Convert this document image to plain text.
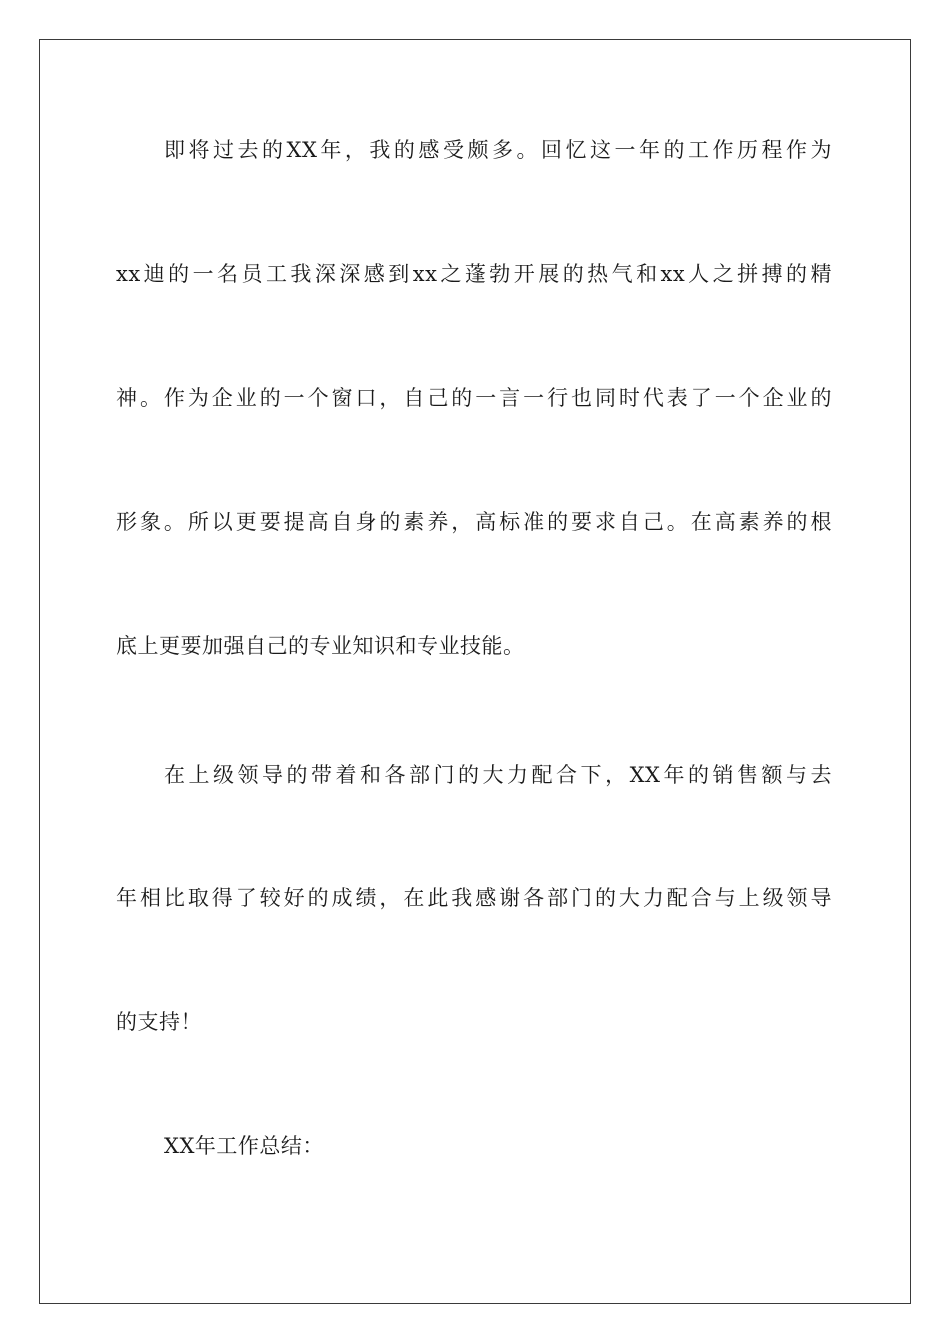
即将过去的XX年，我的感受颇多。回忆这一年的工作历程作为
xx迪的一名员工我深深感到xx之蓬勃开展的热气和xx人之拼搏的精
神。作为企业的一个窗口，自己的一言一行也同时代表了一个企业的
形象。所以更要提高自身的素养，高标准的要求自己。在高素养的根
底上更要加强自己的专业知识和专业技能。
在上级领导的带着和各部门的大力配合下，XX年的销售额与去
年相比取得了较好的成绩，在此我感谢各部门的大力配合与上级领导
的支持！
XX年工作总结：
